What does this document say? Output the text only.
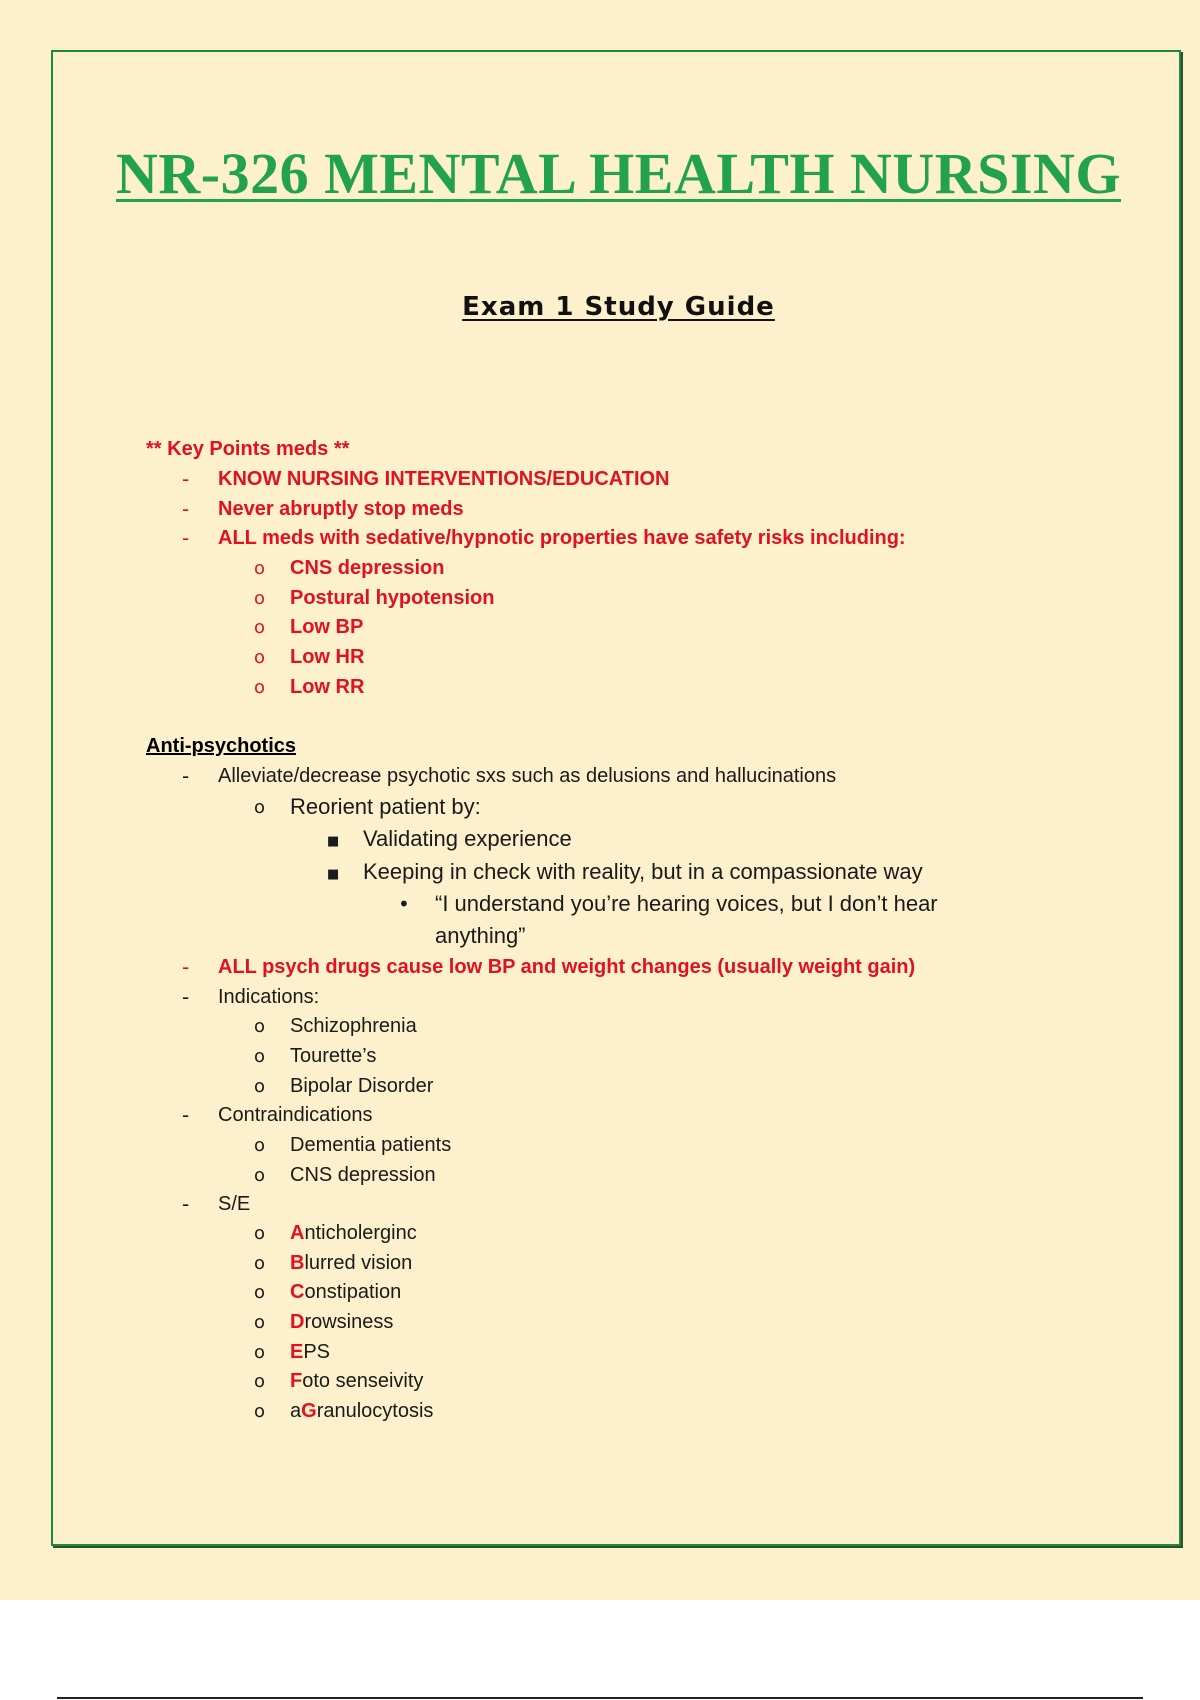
NR-326 MENTAL HEALTH NURSING
Exam 1 Study Guide
** Key Points meds **
- KNOW NURSING INTERVENTIONS/EDUCATION
- Never abruptly stop meds
- ALL meds with sedative/hypnotic properties have safety risks including:
o CNS depression
o Postural hypotension
o Low BP
o Low HR
o Low RR
Anti-psychotics
- Alleviate/decrease psychotic sxs such as delusions and hallucinations
o Reorient patient by:
■ Validating experience
■ Keeping in check with reality, but in a compassionate way
• “I understand you’re hearing voices, but I don’t hear
anything”
- ALL psych drugs cause low BP and weight changes (usually weight gain)
- Indications:
o Schizophrenia
o Tourette’s
o Bipolar Disorder
- Contraindications
o Dementia patients
o CNS depression
- S/E
o Anticholerginc
o Blurred vision
o Constipation
o Drowsiness
o EPS
o Foto senseivity
o aGranulocytosis
